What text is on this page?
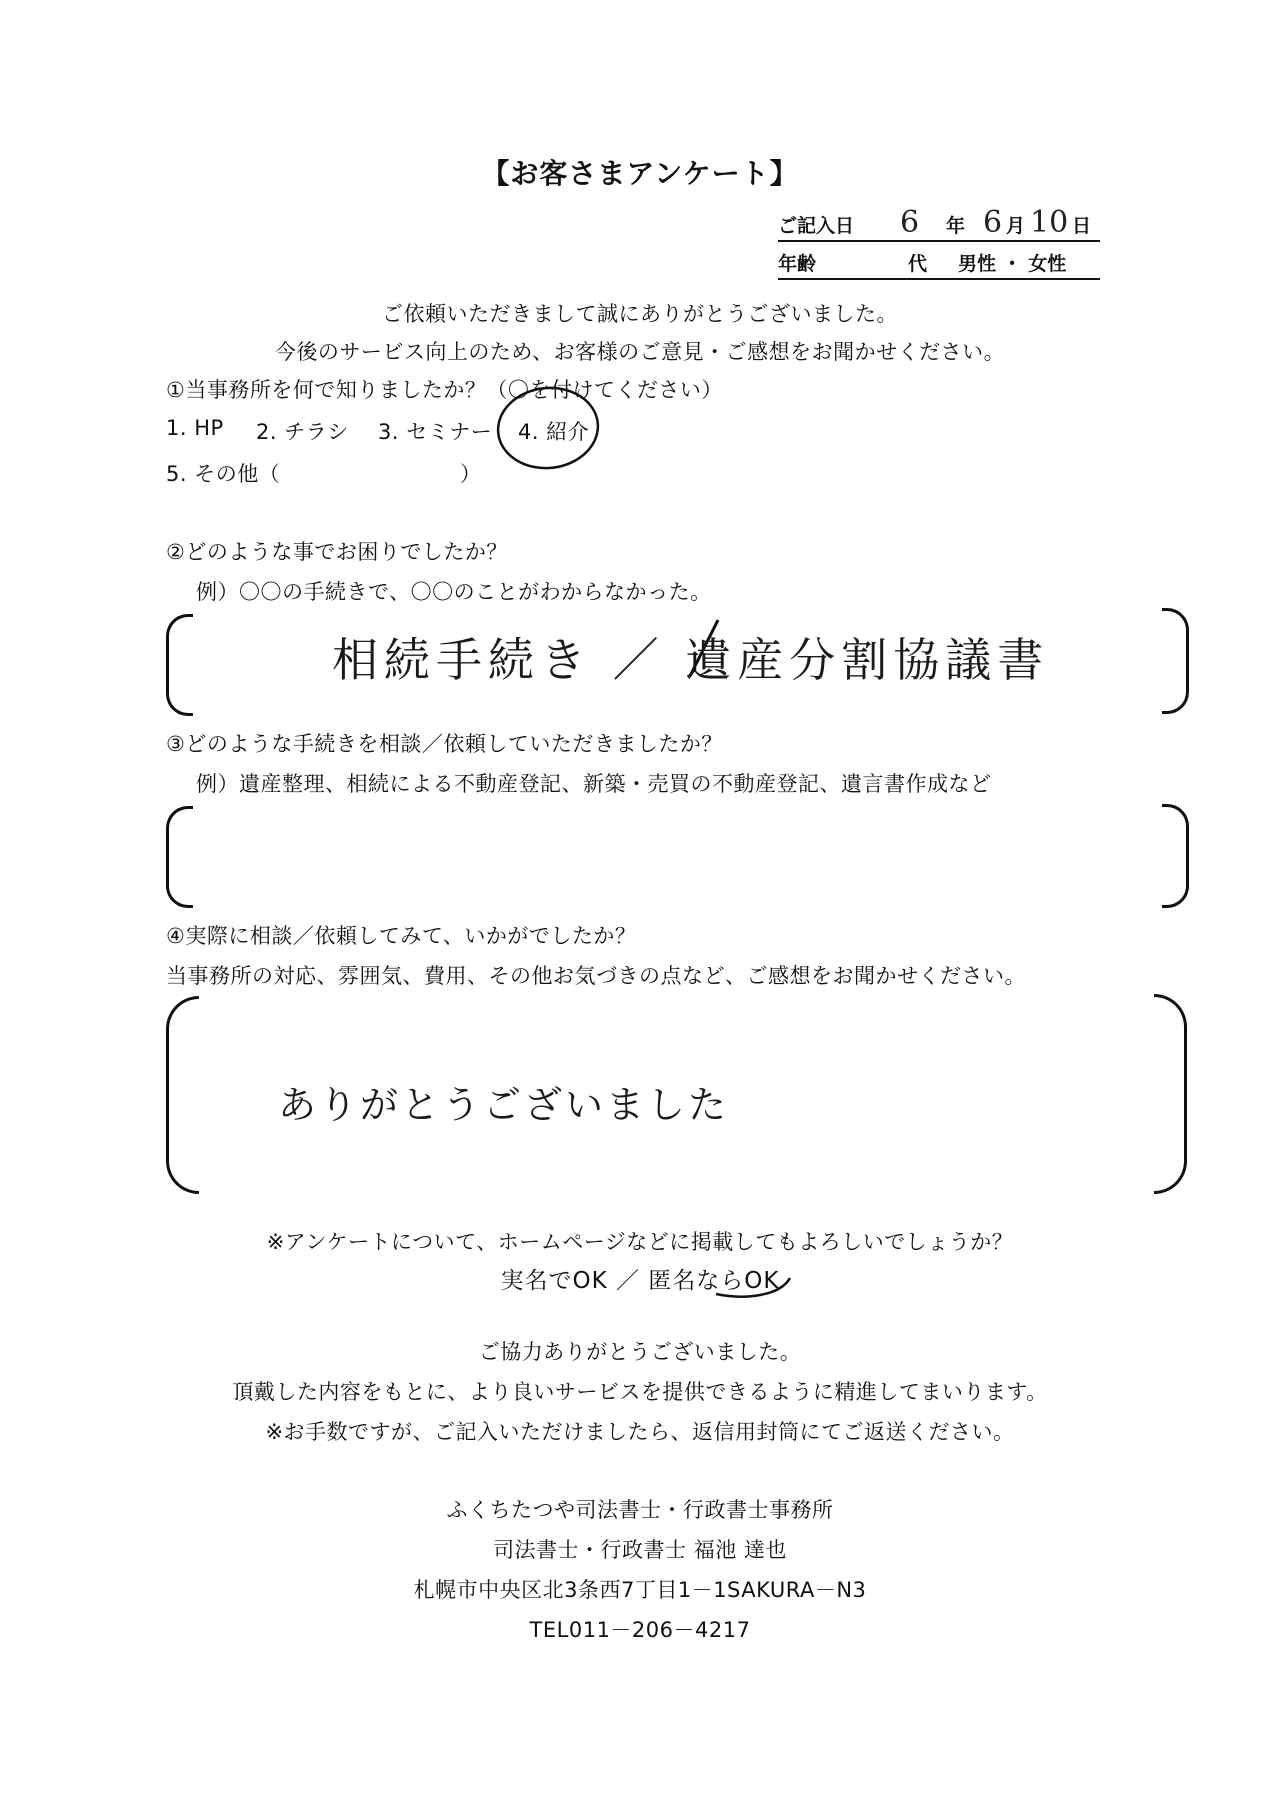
【お客さまアンケート】
ご記入日 6 年 6 月 10 日
年齢	代 男性 ・ 女性
ご依頼いただきまして誠にありがとうございました。
今後のサービス向上のため、お客様のご意見・ご感想をお聞かせください。
①当事務所を何で知りましたか？（〇を付けてください）
1. HP 2. チラシ 3. セミナー 4. 紹介
5. その他（	）
②どのような事でお困りでしたか？
例）〇〇の手続きで、〇〇のことがわからなかった。
相続手続き ／ 遺産分割協議書
③どのような手続きを相談／依頼していただきましたか？
例）遺産整理、相続による不動産登記、新築・売買の不動産登記、遺言書作成など
④実際に相談／依頼してみて、いかがでしたか？
当事務所の対応、雰囲気、費用、その他お気づきの点など、ご感想をお聞かせください。
ありがとうございました
※アンケートについて、ホームページなどに掲載してもよろしいでしょうか？
実名でOK ／ 匿名ならOK
ご協力ありがとうございました。
頂戴した内容をもとに、より良いサービスを提供できるように精進してまいります。
※お手数ですが、ご記入いただけましたら、返信用封筒にてご返送ください。
ふくちたつや司法書士・行政書士事務所
司法書士・行政書士 福池 達也
札幌市中央区北3条西7丁目1－1SAKURA－N3
TEL011－206－4217
